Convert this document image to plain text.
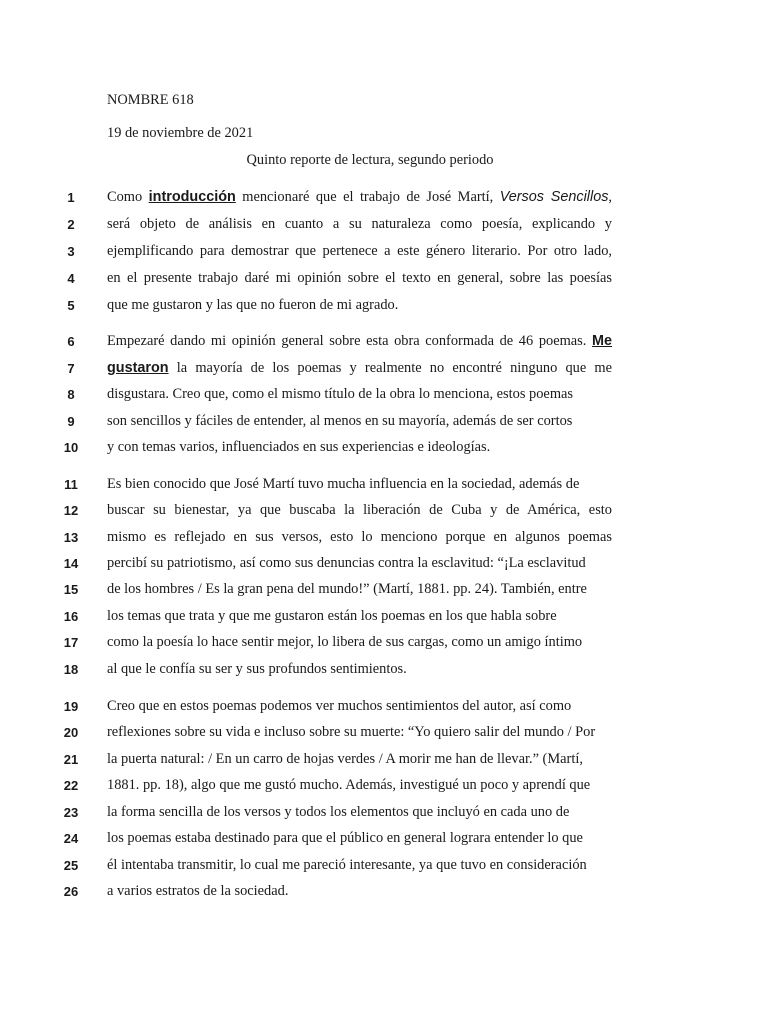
NOMBRE 618
19 de noviembre de 2021
Quinto reporte de lectura, segundo periodo
1	Como introducción mencionaré que el trabajo de José Martí, Versos Sencillos,
2	será objeto de análisis en cuanto a su naturaleza como poesía, explicando y
3	ejemplificando para demostrar que pertenece a este género literario. Por otro lado,
4	en el presente trabajo daré mi opinión sobre el texto en general, sobre las poesías
5	que me gustaron y las que no fueron de mi agrado.
6	Empezaré dando mi opinión general sobre esta obra conformada de 46 poemas. Me
7	gustaron la mayoría de los poemas y realmente no encontré ninguno que me
8	disgustara. Creo que, como el mismo título de la obra lo menciona, estos poemas
9	son sencillos y fáciles de entender, al menos en su mayoría, además de ser cortos
10	y con temas varios, influenciados en sus experiencias e ideologías.
11	Es bien conocido que José Martí tuvo mucha influencia en la sociedad, además de
12	buscar su bienestar, ya que buscaba la liberación de Cuba y de América, esto
13	mismo es reflejado en sus versos, esto lo menciono porque en algunos poemas
14	percibí su patriotismo, así como sus denuncias contra la esclavitud: “¡La esclavitud
15	de los hombres / Es la gran pena del mundo!” (Martí, 1881. pp. 24). También, entre
16	los temas que trata y que me gustaron están los poemas en los que habla sobre
17	como la poesía lo hace sentir mejor, lo libera de sus cargas, como un amigo íntimo
18	al que le confía su ser y sus profundos sentimientos.
19	Creo que en estos poemas podemos ver muchos sentimientos del autor, así como
20	reflexiones sobre su vida e incluso sobre su muerte: “Yo quiero salir del mundo / Por
21	la puerta natural: / En un carro de hojas verdes / A morir me han de llevar.” (Martí,
22	1881. pp. 18), algo que me gustó mucho. Además, investigué un poco y aprendí que
23	la forma sencilla de los versos y todos los elementos que incluyó en cada uno de
24	los poemas estaba destinado para que el público en general lograra entender lo que
25	él intentaba transmitir, lo cual me pareció interesante, ya que tuvo en consideración
26	a varios estratos de la sociedad.
